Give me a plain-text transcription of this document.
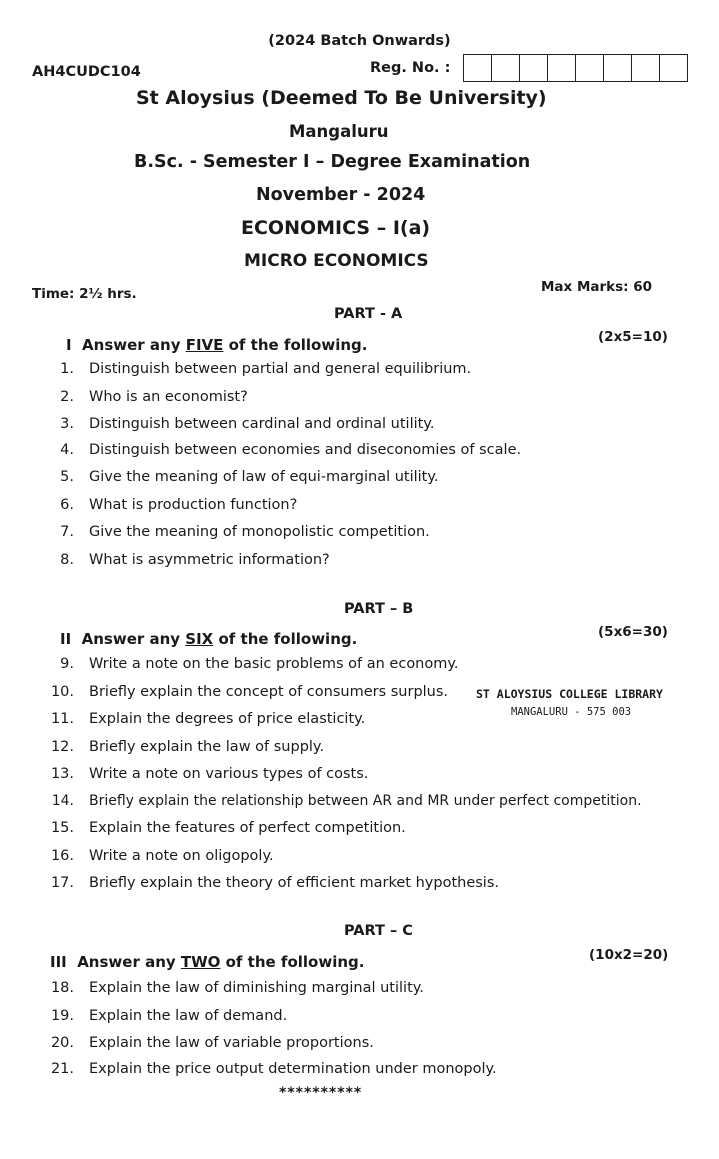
(2024 Batch Onwards)
AH4CUDC104	Reg. No. :
St Aloysius (Deemed To Be University)
Mangaluru
B.Sc. - Semester I – Degree Examination
November - 2024
ECONOMICS – I(a)
MICRO ECONOMICS
Time: 2½ hrs.	Max Marks: 60
PART - A
I Answer any FIVE of the following.	(2x5=10)
1. Distinguish between partial and general equilibrium.
2. Who is an economist?
3. Distinguish between cardinal and ordinal utility.
4. Distinguish between economies and diseconomies of scale.
5. Give the meaning of law of equi-marginal utility.
6. What is production function?
7. Give the meaning of monopolistic competition.
8. What is asymmetric information?
PART – B
II Answer any SIX of the following.	(5x6=30)
9. Write a note on the basic problems of an economy.
10. Briefly explain the concept of consumers surplus.
11. Explain the degrees of price elasticity.
12. Briefly explain the law of supply.
13. Write a note on various types of costs.
14. Briefly explain the relationship between AR and MR under perfect competition.
15. Explain the features of perfect competition.
16. Write a note on oligopoly.
17. Briefly explain the theory of efficient market hypothesis.
ST ALOYSIUS COLLEGE LIBRARY
MANGALURU - 575 003
PART – C
III Answer any TWO of the following.	(10x2=20)
18. Explain the law of diminishing marginal utility.
19. Explain the law of demand.
20. Explain the law of variable proportions.
21. Explain the price output determination under monopoly.
**********
